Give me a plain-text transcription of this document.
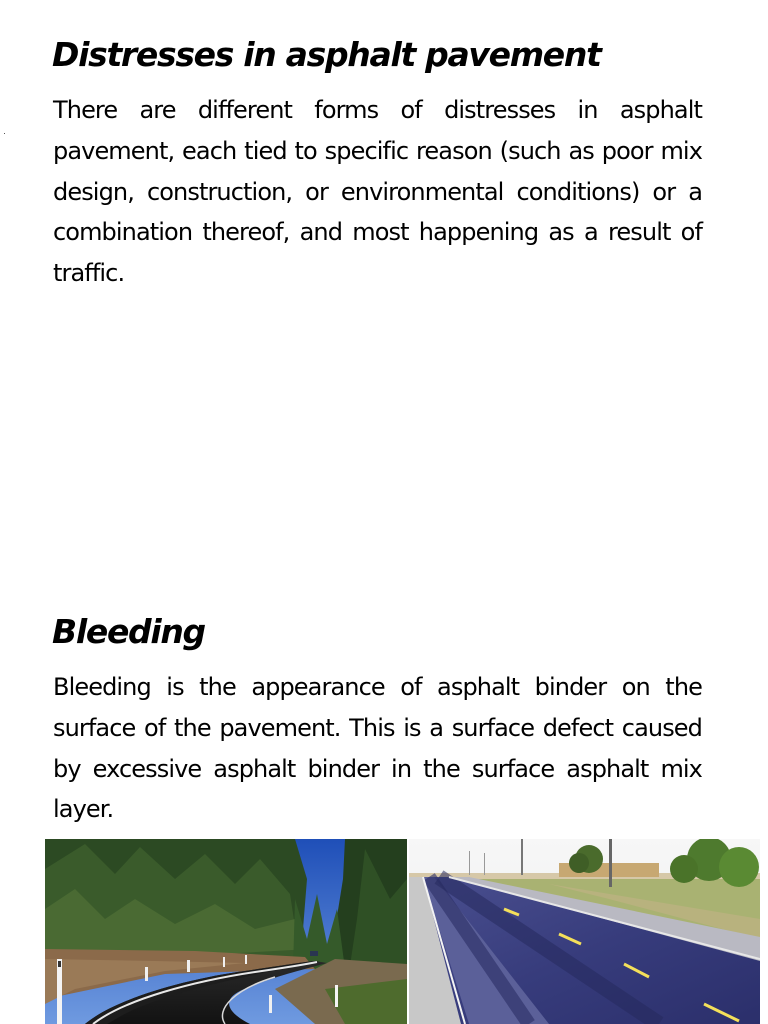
Distresses in asphalt pavement

There are different forms of distresses in asphalt pavement, each tied to specific reason (such as poor mix design, construction, or environmental conditions) or a combination thereof, and most happening as a result of traffic.

Bleeding

Bleeding is the appearance of asphalt binder on the surface of the pavement. This is a surface defect caused by excessive asphalt binder in the surface asphalt mix layer.
